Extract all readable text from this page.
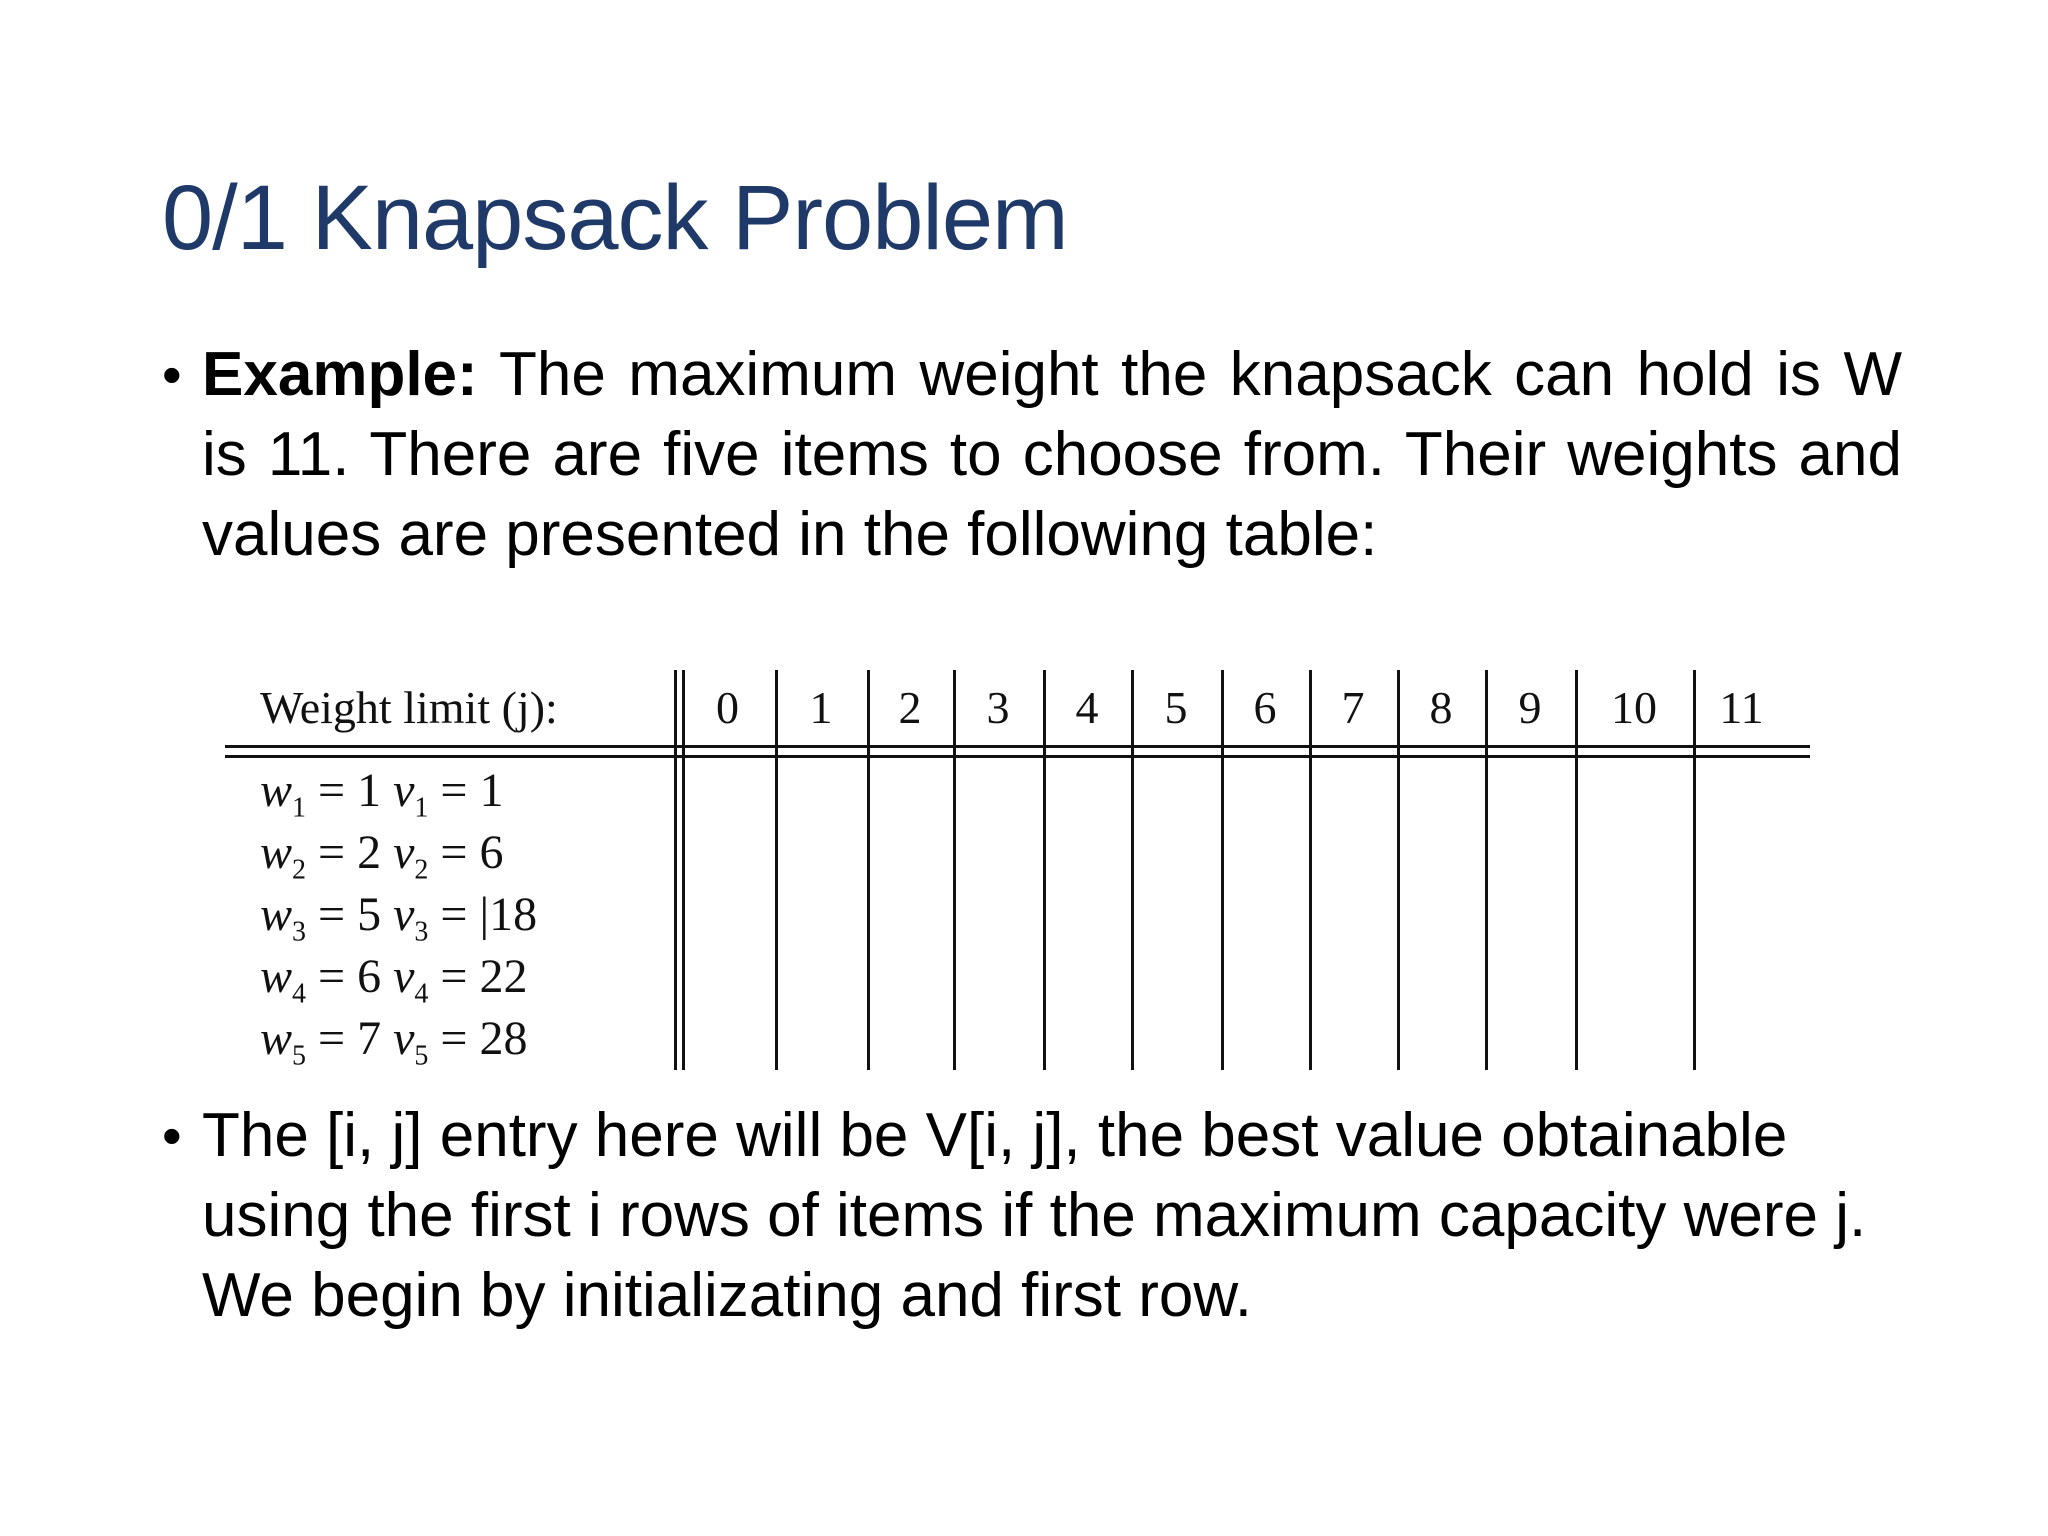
0/1 Knapsack Problem
• Example: The maximum weight the knapsack can hold is W is 11. There are five items to choose from. Their weights and values are presented in the following table:
Weight limit (j):	0	1	2	3	4	5	6	7	8	9	10 11
$w_1 = 1$ $v_1 = 1$
$w_2 = 2$ $v_2 = 6$
$w_3 = 5$ $v_3 = |18$
$w_4 = 6$ $v_4 = 22$
$w_5 = 7$ $v_5 = 28$
• The [i, j] entry here will be V[i, j], the best value obtainable using the first i rows of items if the maximum capacity were j. We begin by initializating and first row.
